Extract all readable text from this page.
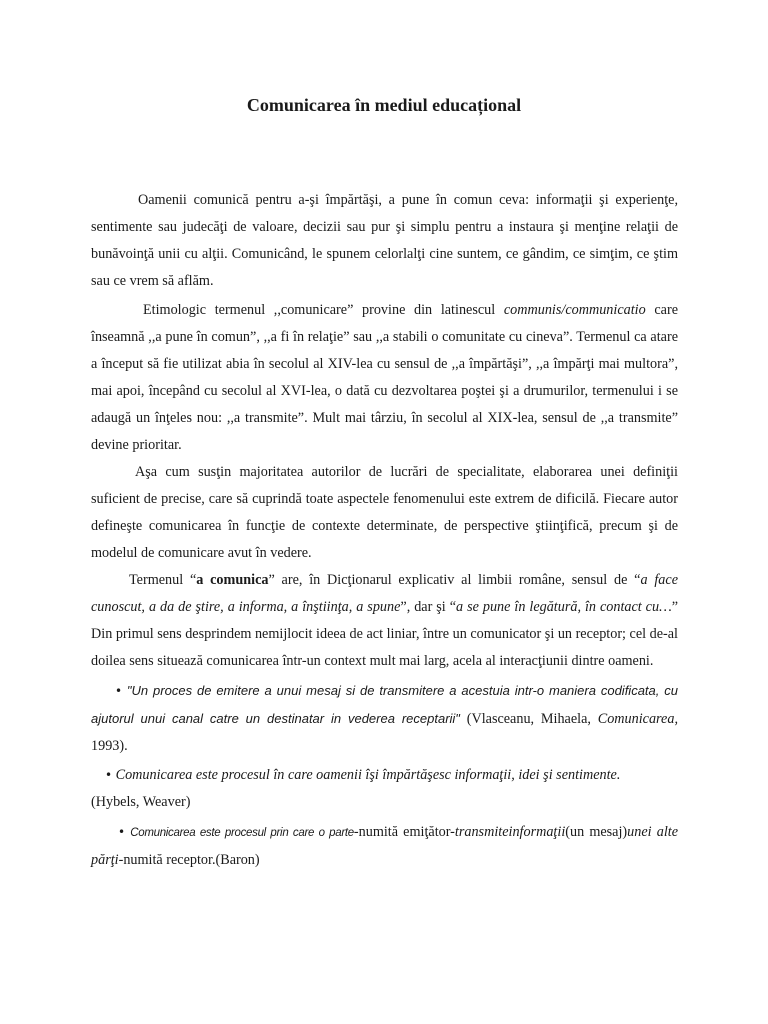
Comunicarea în mediul educațional

Oamenii comunică pentru a-şi împărtăşi, a pune în comun ceva: informaţii şi experienţe, sentimente sau judecăţi de valoare, decizii sau pur şi simplu pentru a instaura şi menţine relaţii de bunăvoinţă unii cu alţii. Comunicând, le spunem celorlalţi cine suntem, ce gândim, ce simţim, ce ştim sau ce vrem să aflăm.

Etimologic termenul ,,comunicare” provine din latinescul communis/communicatio care înseamnă ,,a pune în comun”, ,,a fi în relaţie” sau ,,a stabili o comunitate cu cineva”. Termenul ca atare a început să fie utilizat abia în secolul al XIV-lea cu sensul de ,,a împărtăşi”, ,,a împărţi mai multora”, mai apoi, începând cu secolul al XVI-lea, o dată cu dezvoltarea poştei şi a drumurilor, termenului i se adaugă un înţeles nou: ,,a transmite”. Mult mai târziu, în secolul al XIX-lea, sensul de ,,a transmite” devine prioritar.

Aşa cum susţin majoritatea autorilor de lucrări de specialitate, elaborarea unei definiţii suficient de precise, care să cuprindă toate aspectele fenomenului este extrem de dificilă. Fiecare autor defineşte comunicarea în funcţie de contexte determinate, de perspective ştiinţifică, precum şi de modelul de comunicare avut în vedere.

Termenul “a comunica” are, în Dicţionarul explicativ al limbii române, sensul de “a face cunoscut, a da de ştire, a informa, a înştiinţa, a spune”, dar şi “a se pune în legătură, în contact cu…” Din primul sens desprindem nemijlocit ideea de act liniar, între un comunicator şi un receptor; cel de-al doilea sens situează comunicarea într-un context mult mai larg, acela al interacţiunii dintre oameni.

• "Un proces de emitere a unui mesaj si de transmitere a acestuia intr-o maniera codificata, cu ajutorul unui canal catre un destinatar in vederea receptarii" (Vlasceanu, Mihaela, Comunicarea, 1993).

• Comunicarea este procesul în care oamenii îşi împărtăşesc informaţii, idei şi sentimente.
(Hybels, Weaver)

• Comunicarea este procesul prin care o parte-numită emiţător-transmiteinformaţii(un mesaj)unei alte părţi-numită receptor.(Baron)
